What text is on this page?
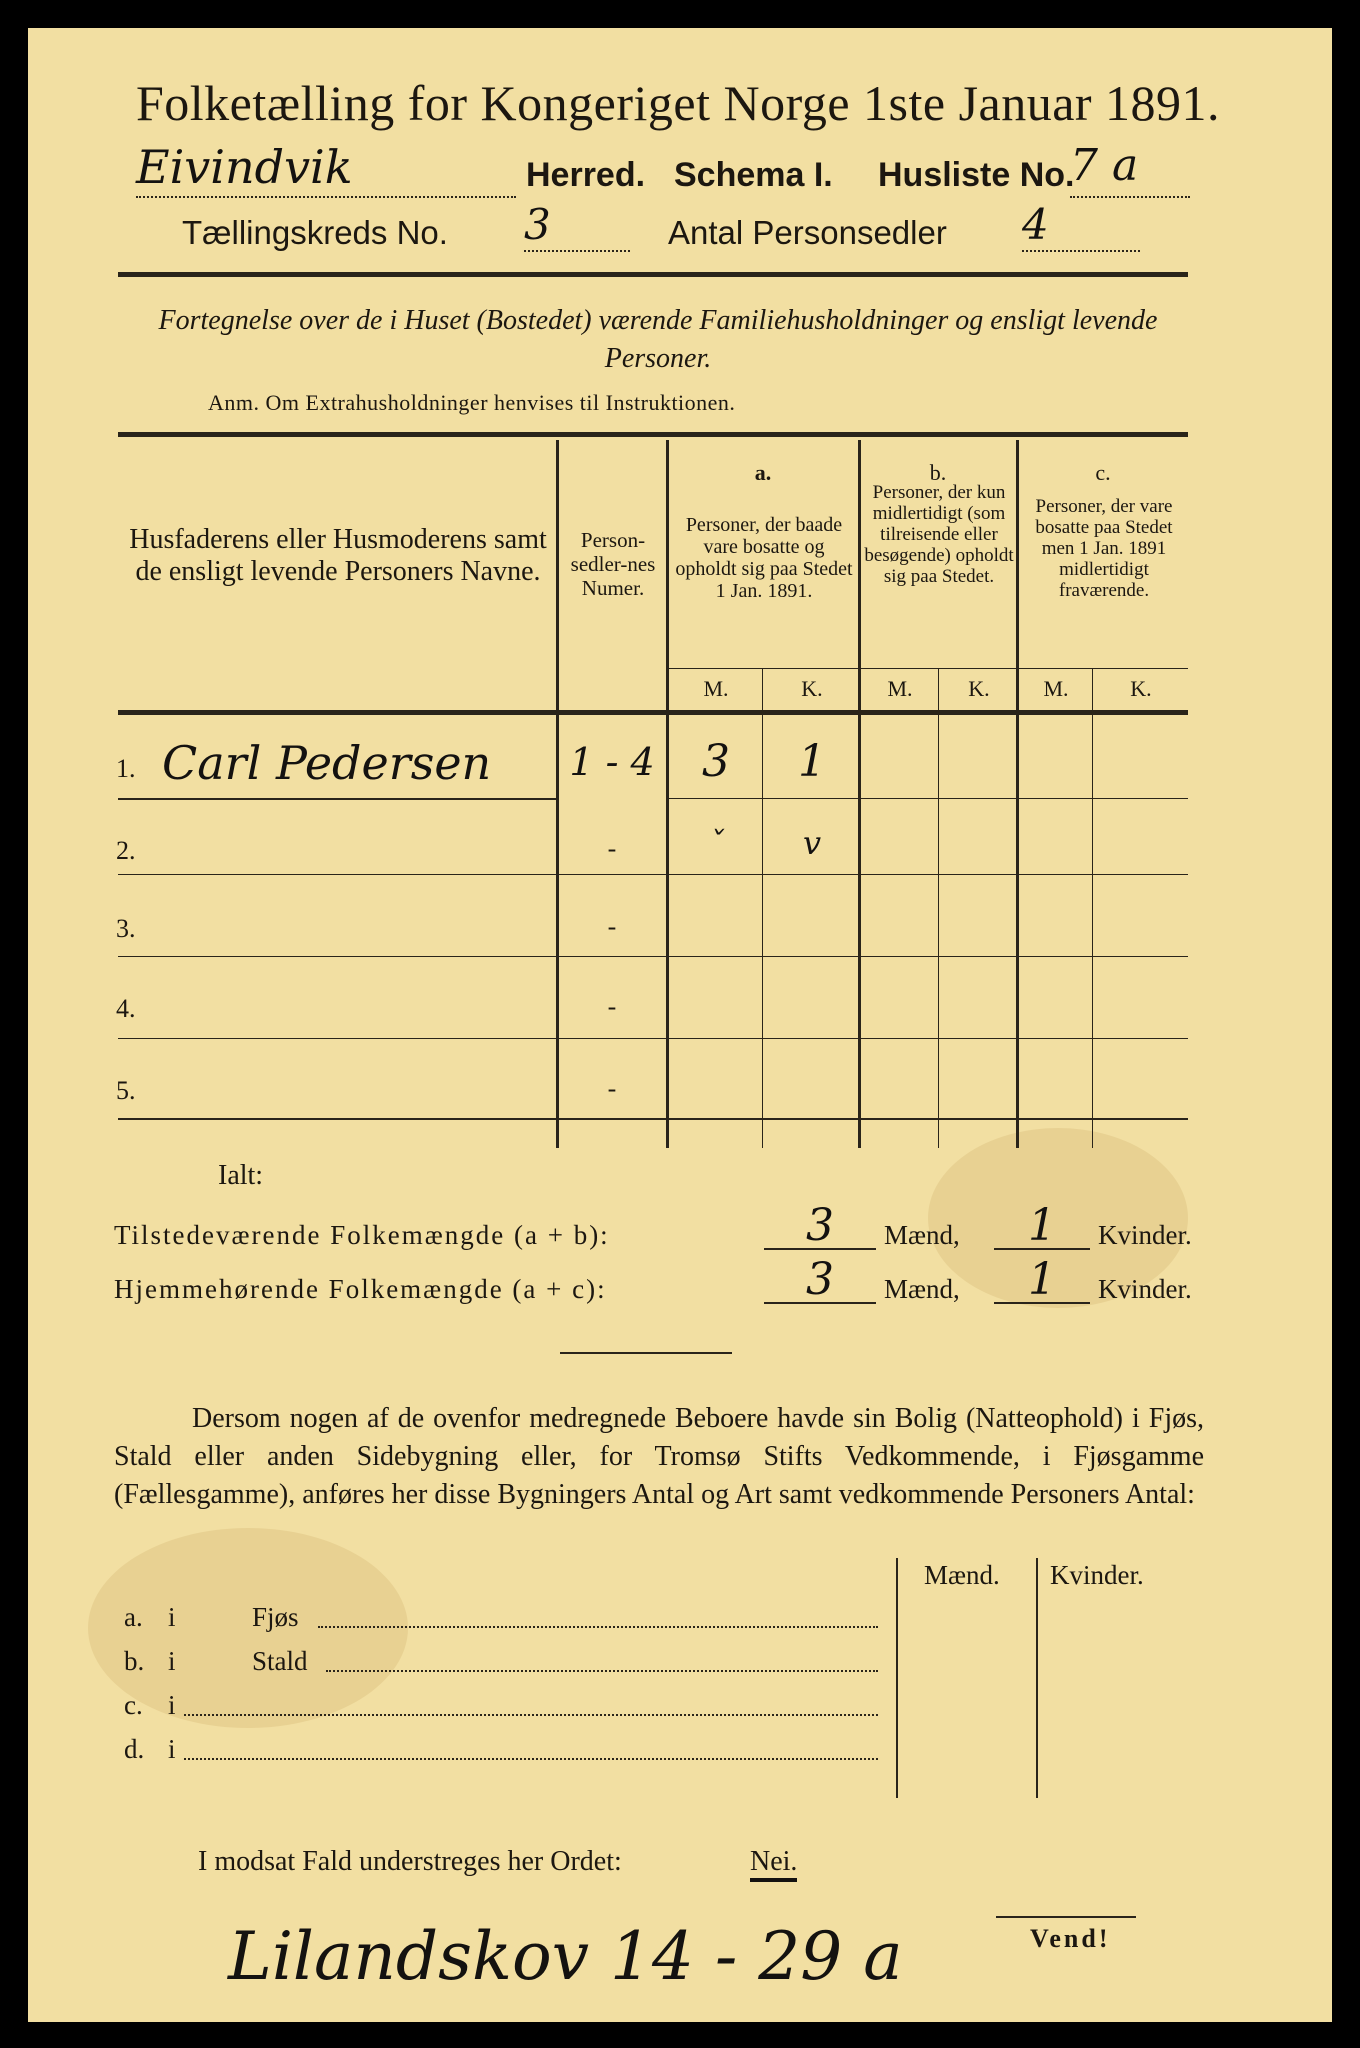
Folketælling for Kongeriget Norge 1ste Januar 1891.
Eivindvik	Herred. Schema I. Husliste No.
7 a
Tællingskreds No. 3	Antal Personsedler 4
Fortegnelse over de i Huset (Bostedet) værende Familiehusholdninger og ensligt levende Personer.
Anm. Om Extrahusholdninger henvises til Instruktionen.
Husfaderens eller Husmoderens samt de ensligt levende Personers Navne.
Person-sedler-nes Numer.
a.
Personer, der baade vare bosatte og opholdt sig paa Stedet 1 Jan. 1891.
b.
Personer, der kun midlertidigt (som tilreisende eller besøgende) opholdt sig paa Stedet.
c.
Personer, der vare bosatte paa Stedet men 1 Jan. 1891 midlertidigt fraværende.
M.	K.	M.	K.	M.	K.
1. Carl Pedersen 1 - 4	3	1
2.	-	ˇ	v
3.	-
4.	-
5.	-
Ialt:
Tilstedeværende Folkemængde (a + b):	3	Mænd,	1	Kvinder.
Hjemmehørende Folkemængde (a + c):	3	Mænd,	1	Kvinder.
Dersom nogen af de ovenfor medregnede Beboere havde sin Bolig (Natteophold) i Fjøs, Stald eller anden Sidebygning eller, for Tromsø Stifts Vedkommende, i Fjøsgamme (Fællesgamme), anføres her disse Bygningers Antal og Art samt vedkommende Personers Antal:
Mænd. Kvinder.
a. i	Fjøs
b. i	Stald
c. i
d. i
I modsat Fald understreges her Ordet:	Nei.
Lilandskov 14 - 29 a	Vend!
